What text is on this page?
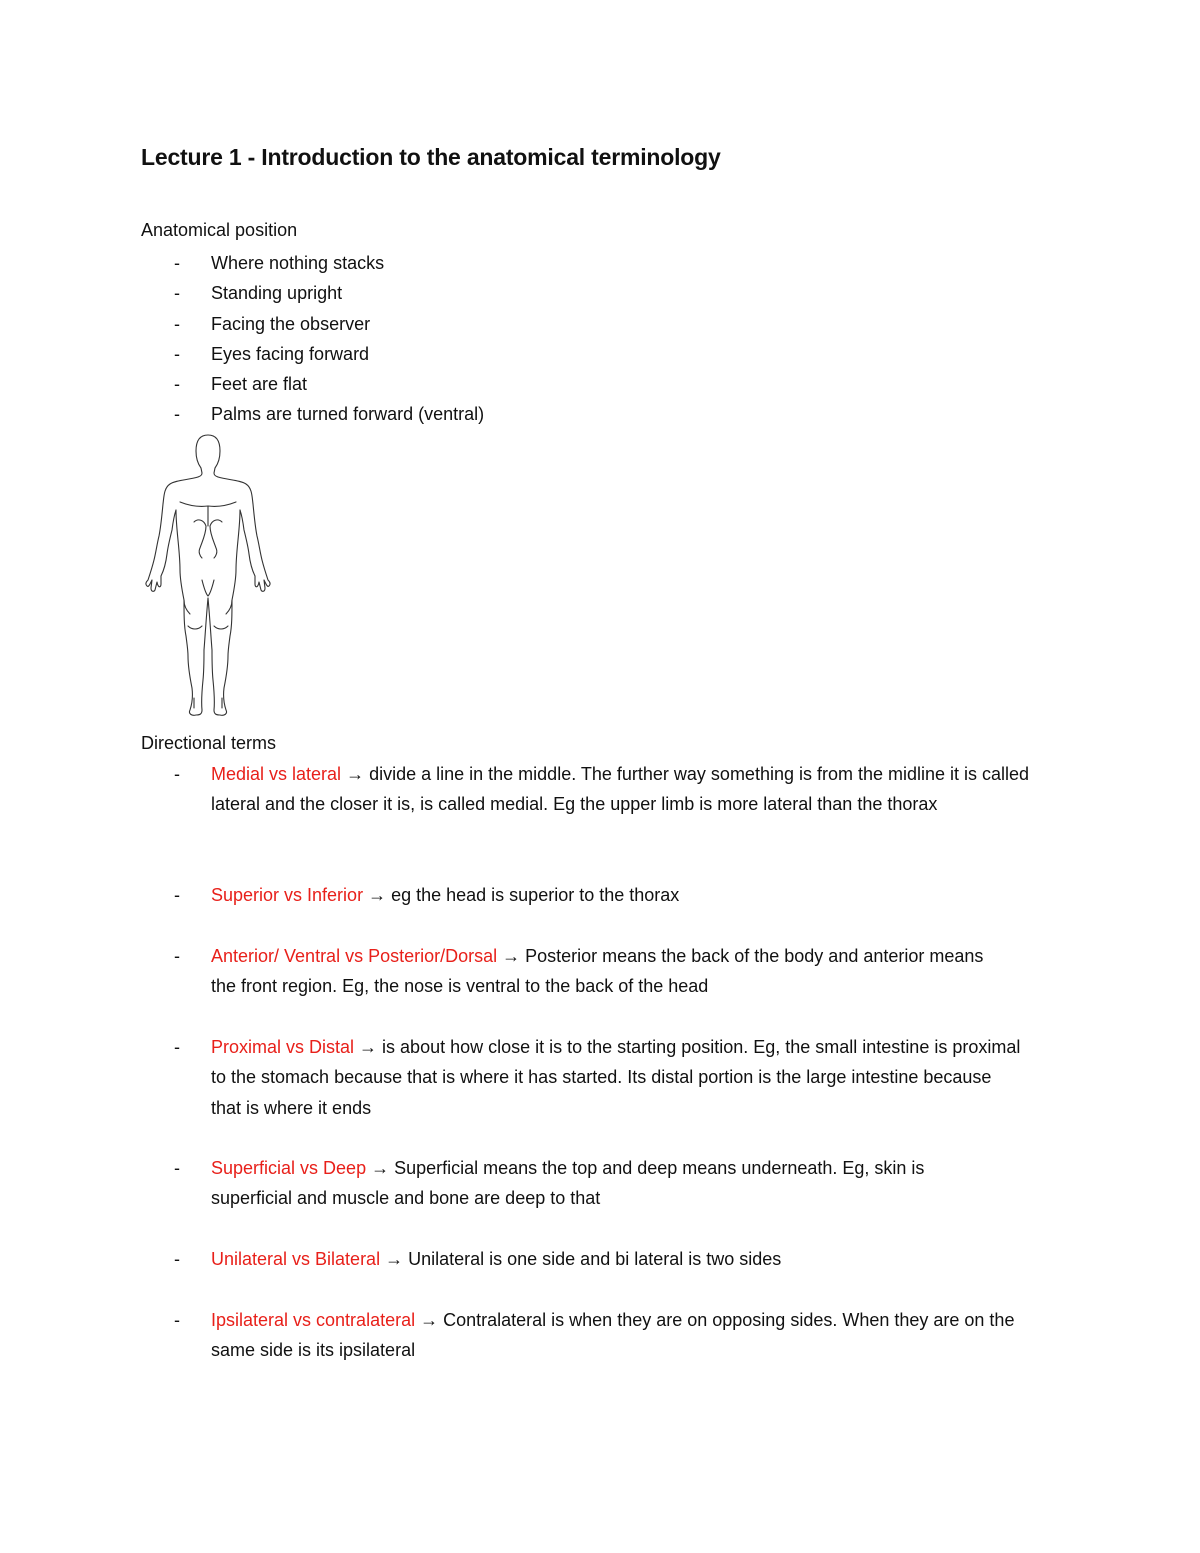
Lecture 1 - Introduction to the anatomical terminology
Anatomical position
- Where nothing stacks
- Standing upright
- Facing the observer
- Eyes facing forward
- Feet are flat
- Palms are turned forward (ventral)
Directional terms
- Medial vs lateral → divide a line in the middle. The further way something is from the midline it is called lateral and the closer it is, is called medial. Eg the upper limb is more lateral than the thorax
- Superior vs Inferior → eg the head is superior to the thorax
- Anterior/ Ventral vs Posterior/Dorsal → Posterior means the back of the body and anterior means the front region. Eg, the nose is ventral to the back of the head
- Proximal vs Distal → is about how close it is to the starting position. Eg, the small intestine is proximal to the stomach because that is where it has started. Its distal portion is the large intestine because that is where it ends
- Superficial vs Deep → Superficial means the top and deep means underneath. Eg, skin is superficial and muscle and bone are deep to that
- Unilateral vs Bilateral → Unilateral is one side and bi lateral is two sides
- Ipsilateral vs contralateral → Contralateral is when they are on opposing sides. When they are on the same side is its ipsilateral
